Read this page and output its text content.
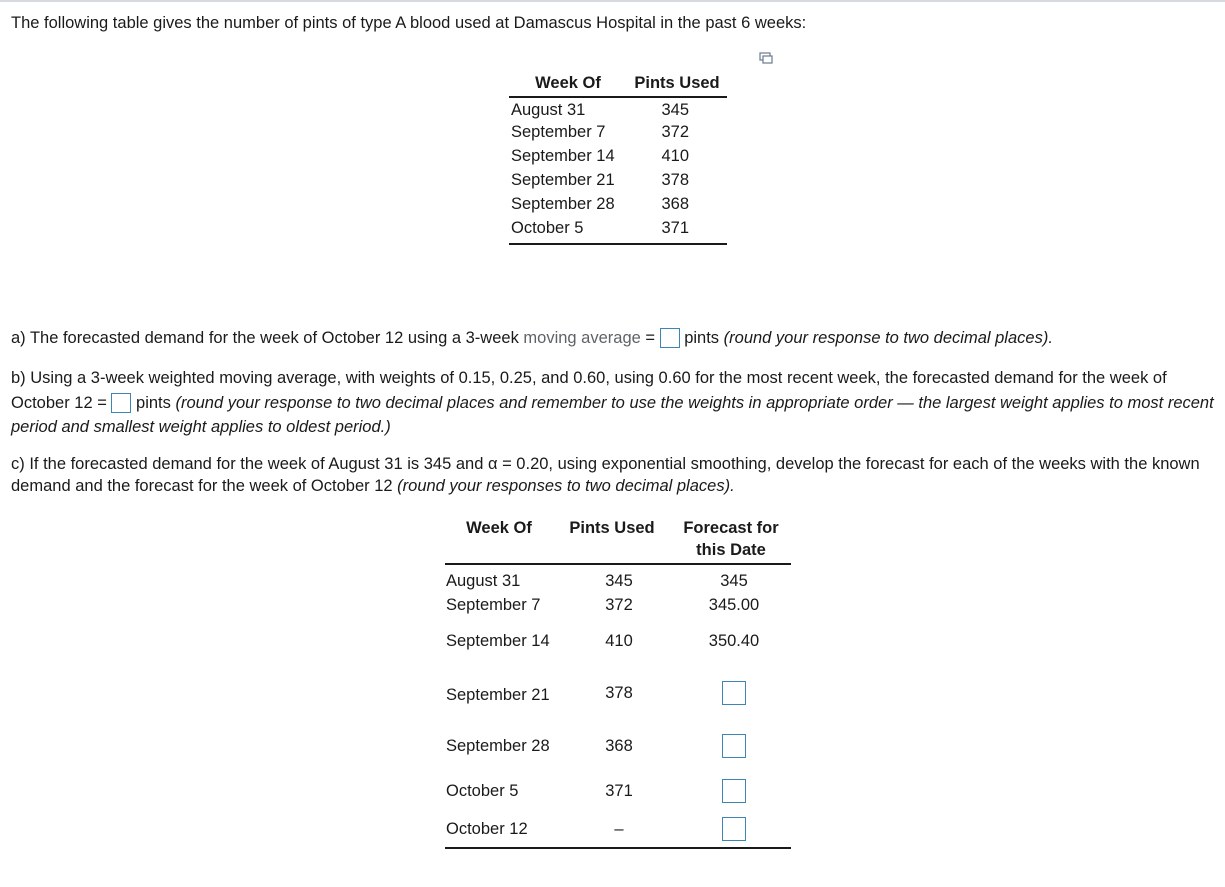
The following table gives the number of pints of type A blood used at Damascus Hospital in the past 6 weeks:
Week Of	Pints Used
August 31	345
September 7	372
September 14	410
September 21	378
September 28	368
October 5	371
a) The forecasted demand for the week of October 12 using a 3-week moving average =  pints (round your response to two decimal places).
b) Using a 3-week weighted moving average, with weights of 0.15, 0.25, and 0.60, using 0.60 for the most recent week, the forecasted demand for the week of October 12 =  pints (round your response to two decimal places and remember to use the weights in appropriate order — the largest weight applies to most recent period and smallest weight applies to oldest period.)
c) If the forecasted demand for the week of August 31 is 345 and α = 0.20, using exponential smoothing, develop the forecast for each of the weeks with the known demand and the forecast for the week of October 12 (round your responses to two decimal places).
Week Of	Pints Used	Forecast for this Date
August 31	345	345
September 7	372	345.00
September 14	410	350.40
September 21	378
September 28	368
October 5	371
October 12	–
